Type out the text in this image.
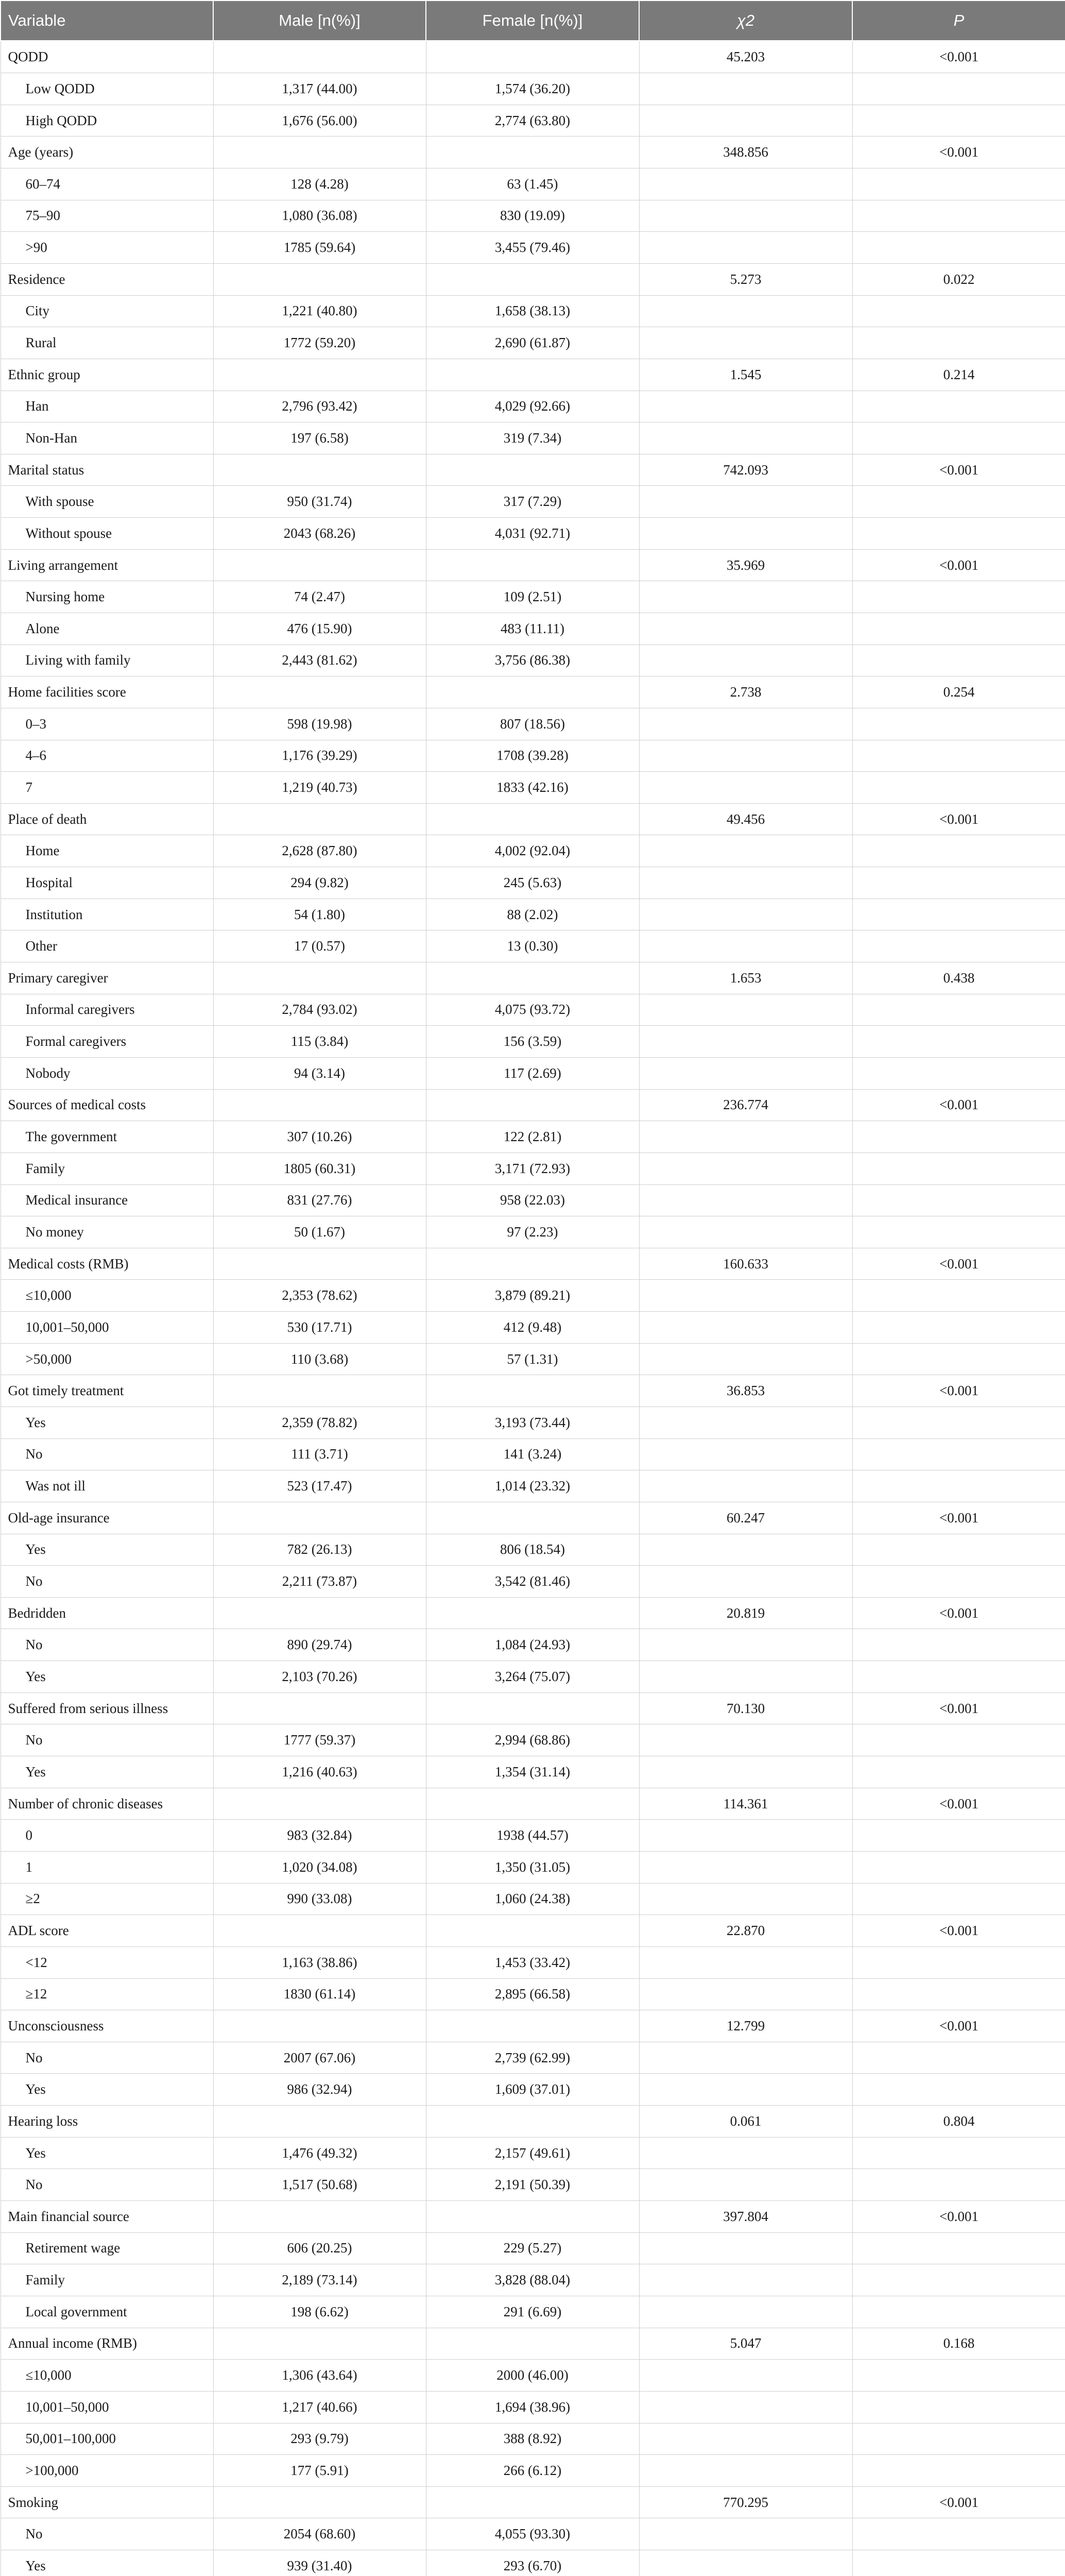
Variable	Male [n(%)]	Female [n(%)]	χ2	P
QODD			45.203	<0.001
Low QODD	1,317 (44.00)	1,574 (36.20)		
High QODD	1,676 (56.00)	2,774 (63.80)		
Age (years)			348.856	<0.001
60–74	128 (4.28)	63 (1.45)		
75–90	1,080 (36.08)	830 (19.09)		
>90	1785 (59.64)	3,455 (79.46)		
Residence			5.273	0.022
City	1,221 (40.80)	1,658 (38.13)		
Rural	1772 (59.20)	2,690 (61.87)		
Ethnic group			1.545	0.214
Han	2,796 (93.42)	4,029 (92.66)		
Non-Han	197 (6.58)	319 (7.34)		
Marital status			742.093	<0.001
With spouse	950 (31.74)	317 (7.29)		
Without spouse	2043 (68.26)	4,031 (92.71)		
Living arrangement			35.969	<0.001
Nursing home	74 (2.47)	109 (2.51)		
Alone	476 (15.90)	483 (11.11)		
Living with family	2,443 (81.62)	3,756 (86.38)		
Home facilities score			2.738	0.254
0–3	598 (19.98)	807 (18.56)		
4–6	1,176 (39.29)	1708 (39.28)		
7	1,219 (40.73)	1833 (42.16)		
Place of death			49.456	<0.001
Home	2,628 (87.80)	4,002 (92.04)		
Hospital	294 (9.82)	245 (5.63)		
Institution	54 (1.80)	88 (2.02)		
Other	17 (0.57)	13 (0.30)		
Primary caregiver			1.653	0.438
Informal caregivers	2,784 (93.02)	4,075 (93.72)		
Formal caregivers	115 (3.84)	156 (3.59)		
Nobody	94 (3.14)	117 (2.69)		
Sources of medical costs			236.774	<0.001
The government	307 (10.26)	122 (2.81)		
Family	1805 (60.31)	3,171 (72.93)		
Medical insurance	831 (27.76)	958 (22.03)		
No money	50 (1.67)	97 (2.23)		
Medical costs (RMB)			160.633	<0.001
≤10,000	2,353 (78.62)	3,879 (89.21)		
10,001–50,000	530 (17.71)	412 (9.48)		
>50,000	110 (3.68)	57 (1.31)		
Got timely treatment			36.853	<0.001
Yes	2,359 (78.82)	3,193 (73.44)		
No	111 (3.71)	141 (3.24)		
Was not ill	523 (17.47)	1,014 (23.32)		
Old-age insurance			60.247	<0.001
Yes	782 (26.13)	806 (18.54)		
No	2,211 (73.87)	3,542 (81.46)		
Bedridden			20.819	<0.001
No	890 (29.74)	1,084 (24.93)		
Yes	2,103 (70.26)	3,264 (75.07)		
Suffered from serious illness			70.130	<0.001
No	1777 (59.37)	2,994 (68.86)		
Yes	1,216 (40.63)	1,354 (31.14)		
Number of chronic diseases			114.361	<0.001
0	983 (32.84)	1938 (44.57)		
1	1,020 (34.08)	1,350 (31.05)		
≥2	990 (33.08)	1,060 (24.38)		
ADL score			22.870	<0.001
<12	1,163 (38.86)	1,453 (33.42)		
≥12	1830 (61.14)	2,895 (66.58)		
Unconsciousness			12.799	<0.001
No	2007 (67.06)	2,739 (62.99)		
Yes	986 (32.94)	1,609 (37.01)		
Hearing loss			0.061	0.804
Yes	1,476 (49.32)	2,157 (49.61)		
No	1,517 (50.68)	2,191 (50.39)		
Main financial source			397.804	<0.001
Retirement wage	606 (20.25)	229 (5.27)		
Family	2,189 (73.14)	3,828 (88.04)		
Local government	198 (6.62)	291 (6.69)		
Annual income (RMB)			5.047	0.168
≤10,000	1,306 (43.64)	2000 (46.00)		
10,001–50,000	1,217 (40.66)	1,694 (38.96)		
50,001–100,000	293 (9.79)	388 (8.92)		
>100,000	177 (5.91)	266 (6.12)		
Smoking			770.295	<0.001
No	2054 (68.60)	4,055 (93.30)		
Yes	939 (31.40)	293 (6.70)		
